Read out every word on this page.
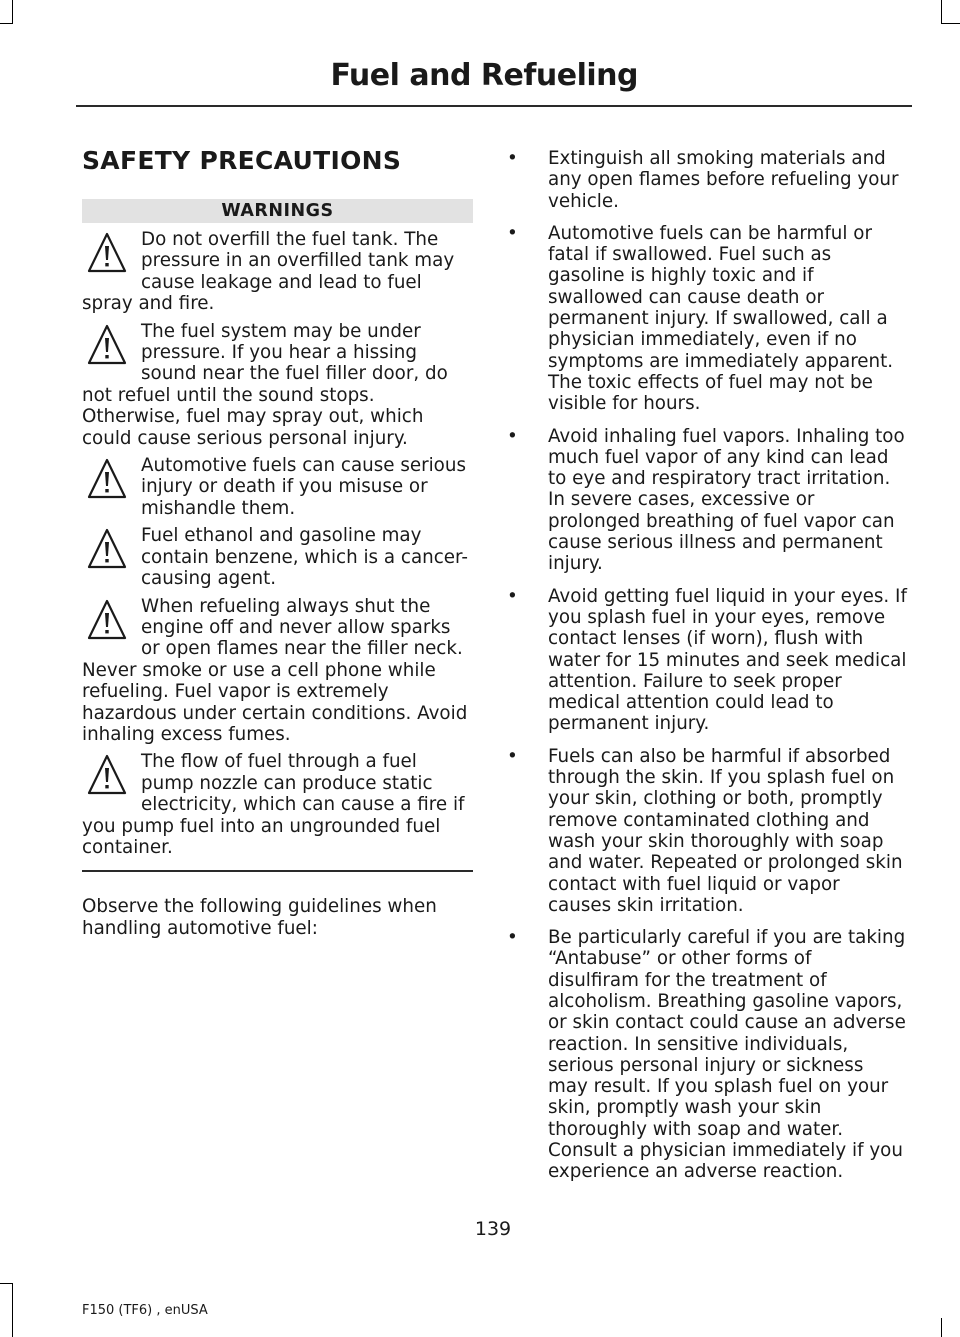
Fuel and Refueling
SAFETY PRECAUTIONS
WARNINGS
Do not overfill the fuel tank. The pressure in an overfilled tank may cause leakage and lead to fuel spray and fire.
The fuel system may be under pressure. If you hear a hissing sound near the fuel filler door, do not refuel until the sound stops. Otherwise, fuel may spray out, which could cause serious personal injury.
Automotive fuels can cause serious injury or death if you misuse or mishandle them.
Fuel ethanol and gasoline may contain benzene, which is a cancer-causing agent.
When refueling always shut the engine off and never allow sparks or open flames near the filler neck. Never smoke or use a cell phone while refueling. Fuel vapor is extremely hazardous under certain conditions. Avoid inhaling excess fumes.
The flow of fuel through a fuel pump nozzle can produce static electricity, which can cause a fire if you pump fuel into an ungrounded fuel container.
Observe the following guidelines when handling automotive fuel:
• Extinguish all smoking materials and any open flames before refueling your vehicle.
• Automotive fuels can be harmful or fatal if swallowed. Fuel such as gasoline is highly toxic and if swallowed can cause death or permanent injury. If swallowed, call a physician immediately, even if no symptoms are immediately apparent. The toxic effects of fuel may not be visible for hours.
• Avoid inhaling fuel vapors. Inhaling too much fuel vapor of any kind can lead to eye and respiratory tract irritation. In severe cases, excessive or prolonged breathing of fuel vapor can cause serious illness and permanent injury.
• Avoid getting fuel liquid in your eyes. If you splash fuel in your eyes, remove contact lenses (if worn), flush with water for 15 minutes and seek medical attention. Failure to seek proper medical attention could lead to permanent injury.
• Fuels can also be harmful if absorbed through the skin. If you splash fuel on your skin, clothing or both, promptly remove contaminated clothing and wash your skin thoroughly with soap and water. Repeated or prolonged skin contact with fuel liquid or vapor causes skin irritation.
• Be particularly careful if you are taking “Antabuse” or other forms of disulfiram for the treatment of alcoholism. Breathing gasoline vapors, or skin contact could cause an adverse reaction. In sensitive individuals, serious personal injury or sickness may result. If you splash fuel on your skin, promptly wash your skin thoroughly with soap and water. Consult a physician immediately if you experience an adverse reaction.
139
F150 (TF6) , enUSA
